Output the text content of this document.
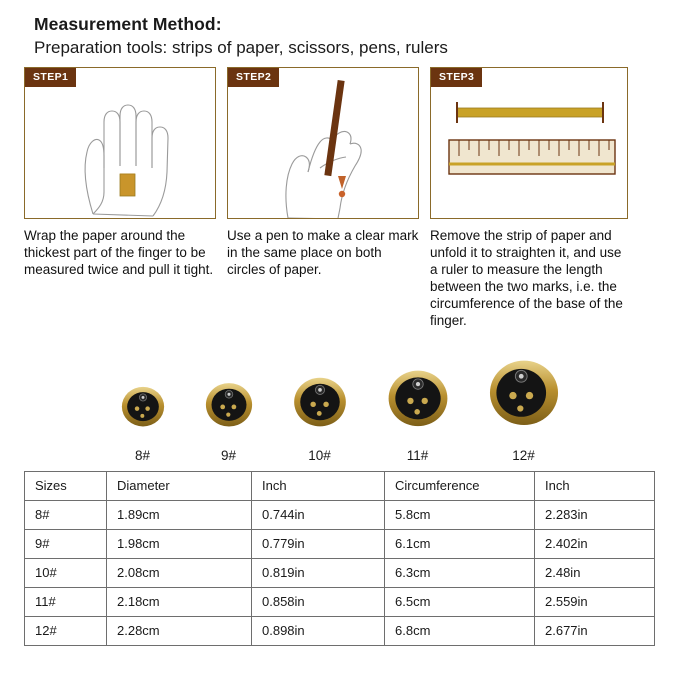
Measurement Method:
Preparation tools: strips of paper, scissors, pens, rulers
STEP1
Wrap the paper around the thickest part of the finger to be measured twice and pull it tight.
STEP2
Use a pen to make a clear mark in the same place on both circles of paper.
STEP3
Remove the strip of paper and unfold it to straighten it, and use a ruler to measure the length between the two marks, i.e. the circumference of the base of the finger.
8#	9#	10#	11#	12#
Sizes	Diameter	Inch	Circumference	Inch
8#	1.89cm	0.744in	5.8cm	2.283in
9#	1.98cm	0.779in	6.1cm	2.402in
10#	2.08cm	0.819in	6.3cm	2.48in
11#	2.18cm	0.858in	6.5cm	2.559in
12#	2.28cm	0.898in	6.8cm	2.677in
